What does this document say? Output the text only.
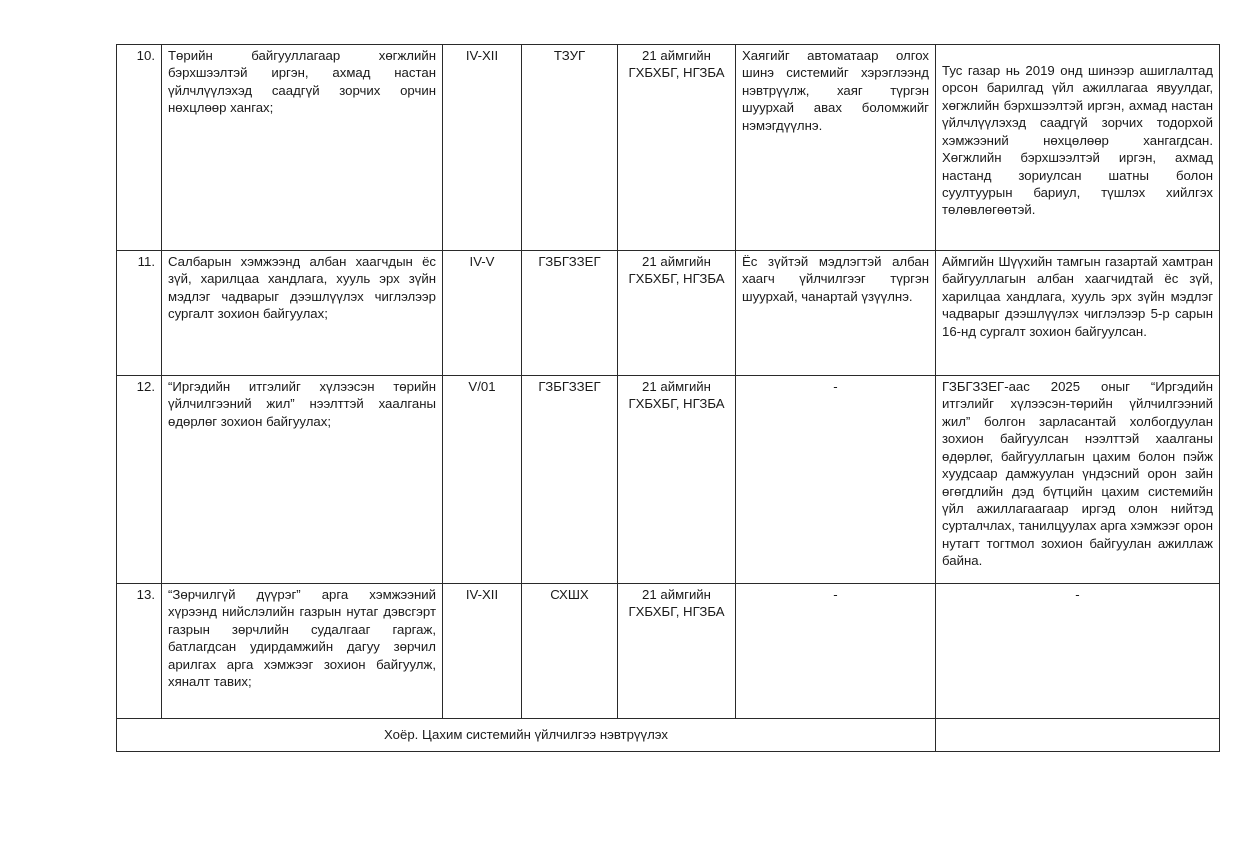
10.	Төрийн байгууллагаар хөгжлийн бэрхшээлтэй иргэн, ахмад настан үйлчлүүлэхэд саадгүй зорчих орчин нөхцлөөр хангах;	IV-XII	ТЗУГ	21 аймгийн ГХБХБГ, НГЗБА	Хаягийг автоматаар олгох шинэ системийг хэрэглээнд нэвтрүүлж, хаяг түргэн шуурхай авах боломжийг нэмэгдүүлнэ.	Тус газар нь 2019 онд шинээр ашиглалтад орсон барилгад үйл ажиллагаа явуулдаг, хөгжлийн бэрхшээлтэй иргэн, ахмад настан үйлчлүүлэхэд саадгүй зорчих тодорхой хэмжээний нөхцөлөөр хангагдсан. Хөгжлийн бэрхшээлтэй иргэн, ахмад настанд зориулсан шатны болон суултуурын бариул, түшлэх хийлгэх төлөвлөгөөтэй.
11.	Салбарын хэмжээнд албан хаагчдын ёс зүй, харилцаа хандлага, хууль эрх зүйн мэдлэг чадварыг дээшлүүлэх чиглэлээр сургалт зохион байгуулах;	IV-V	ГЗБГЗЗЕГ	21 аймгийн ГХБХБГ, НГЗБА	Ёс зүйтэй мэдлэгтэй албан хаагч үйлчилгээг түргэн шуурхай, чанартай үзүүлнэ.	Аймгийн Шүүхийн тамгын газартай хамтран байгууллагын албан хаагчидтай ёс зүй, харилцаа хандлага, хууль эрх зүйн мэдлэг чадварыг дээшлүүлэх чиглэлээр 5-р сарын 16-нд сургалт зохион байгуулсан.
12.	“Иргэдийн итгэлийг хүлээсэн төрийн үйлчилгээний жил” нээлттэй хаалганы өдөрлөг зохион байгуулах;	V/01	ГЗБГЗЗЕГ	21 аймгийн ГХБХБГ, НГЗБА	-	ГЗБГЗЗЕГ-аас 2025 оныг “Иргэдийн итгэлийг хүлээсэн-төрийн үйлчилгээний жил” болгон зарласантай холбогдуулан зохион байгуулсан нээлттэй хаалганы өдөрлөг, байгууллагын цахим болон пэйж хуудсаар дамжуулан үндэсний орон зайн өгөгдлийн дэд бүтцийн цахим системийн үйл ажиллагаагаар иргэд олон нийтэд сурталчлах, танилцуулах арга хэмжээг орон нутагт тогтмол зохион байгуулан ажиллаж байна.
13.	“Зөрчилгүй дүүрэг” арга хэмжээний хүрээнд нийслэлийн газрын нутаг дэвсгэрт газрын зөрчлийн судалгааг гаргаж, батлагдсан удирдамжийн дагуу зөрчил арилгах арга хэмжээг зохион байгуулж, хяналт тавих;	IV-XII	СХШХ	21 аймгийн ГХБХБГ, НГЗБА	-	-
Хоёр. Цахим системийн үйлчилгээ нэвтрүүлэх						
